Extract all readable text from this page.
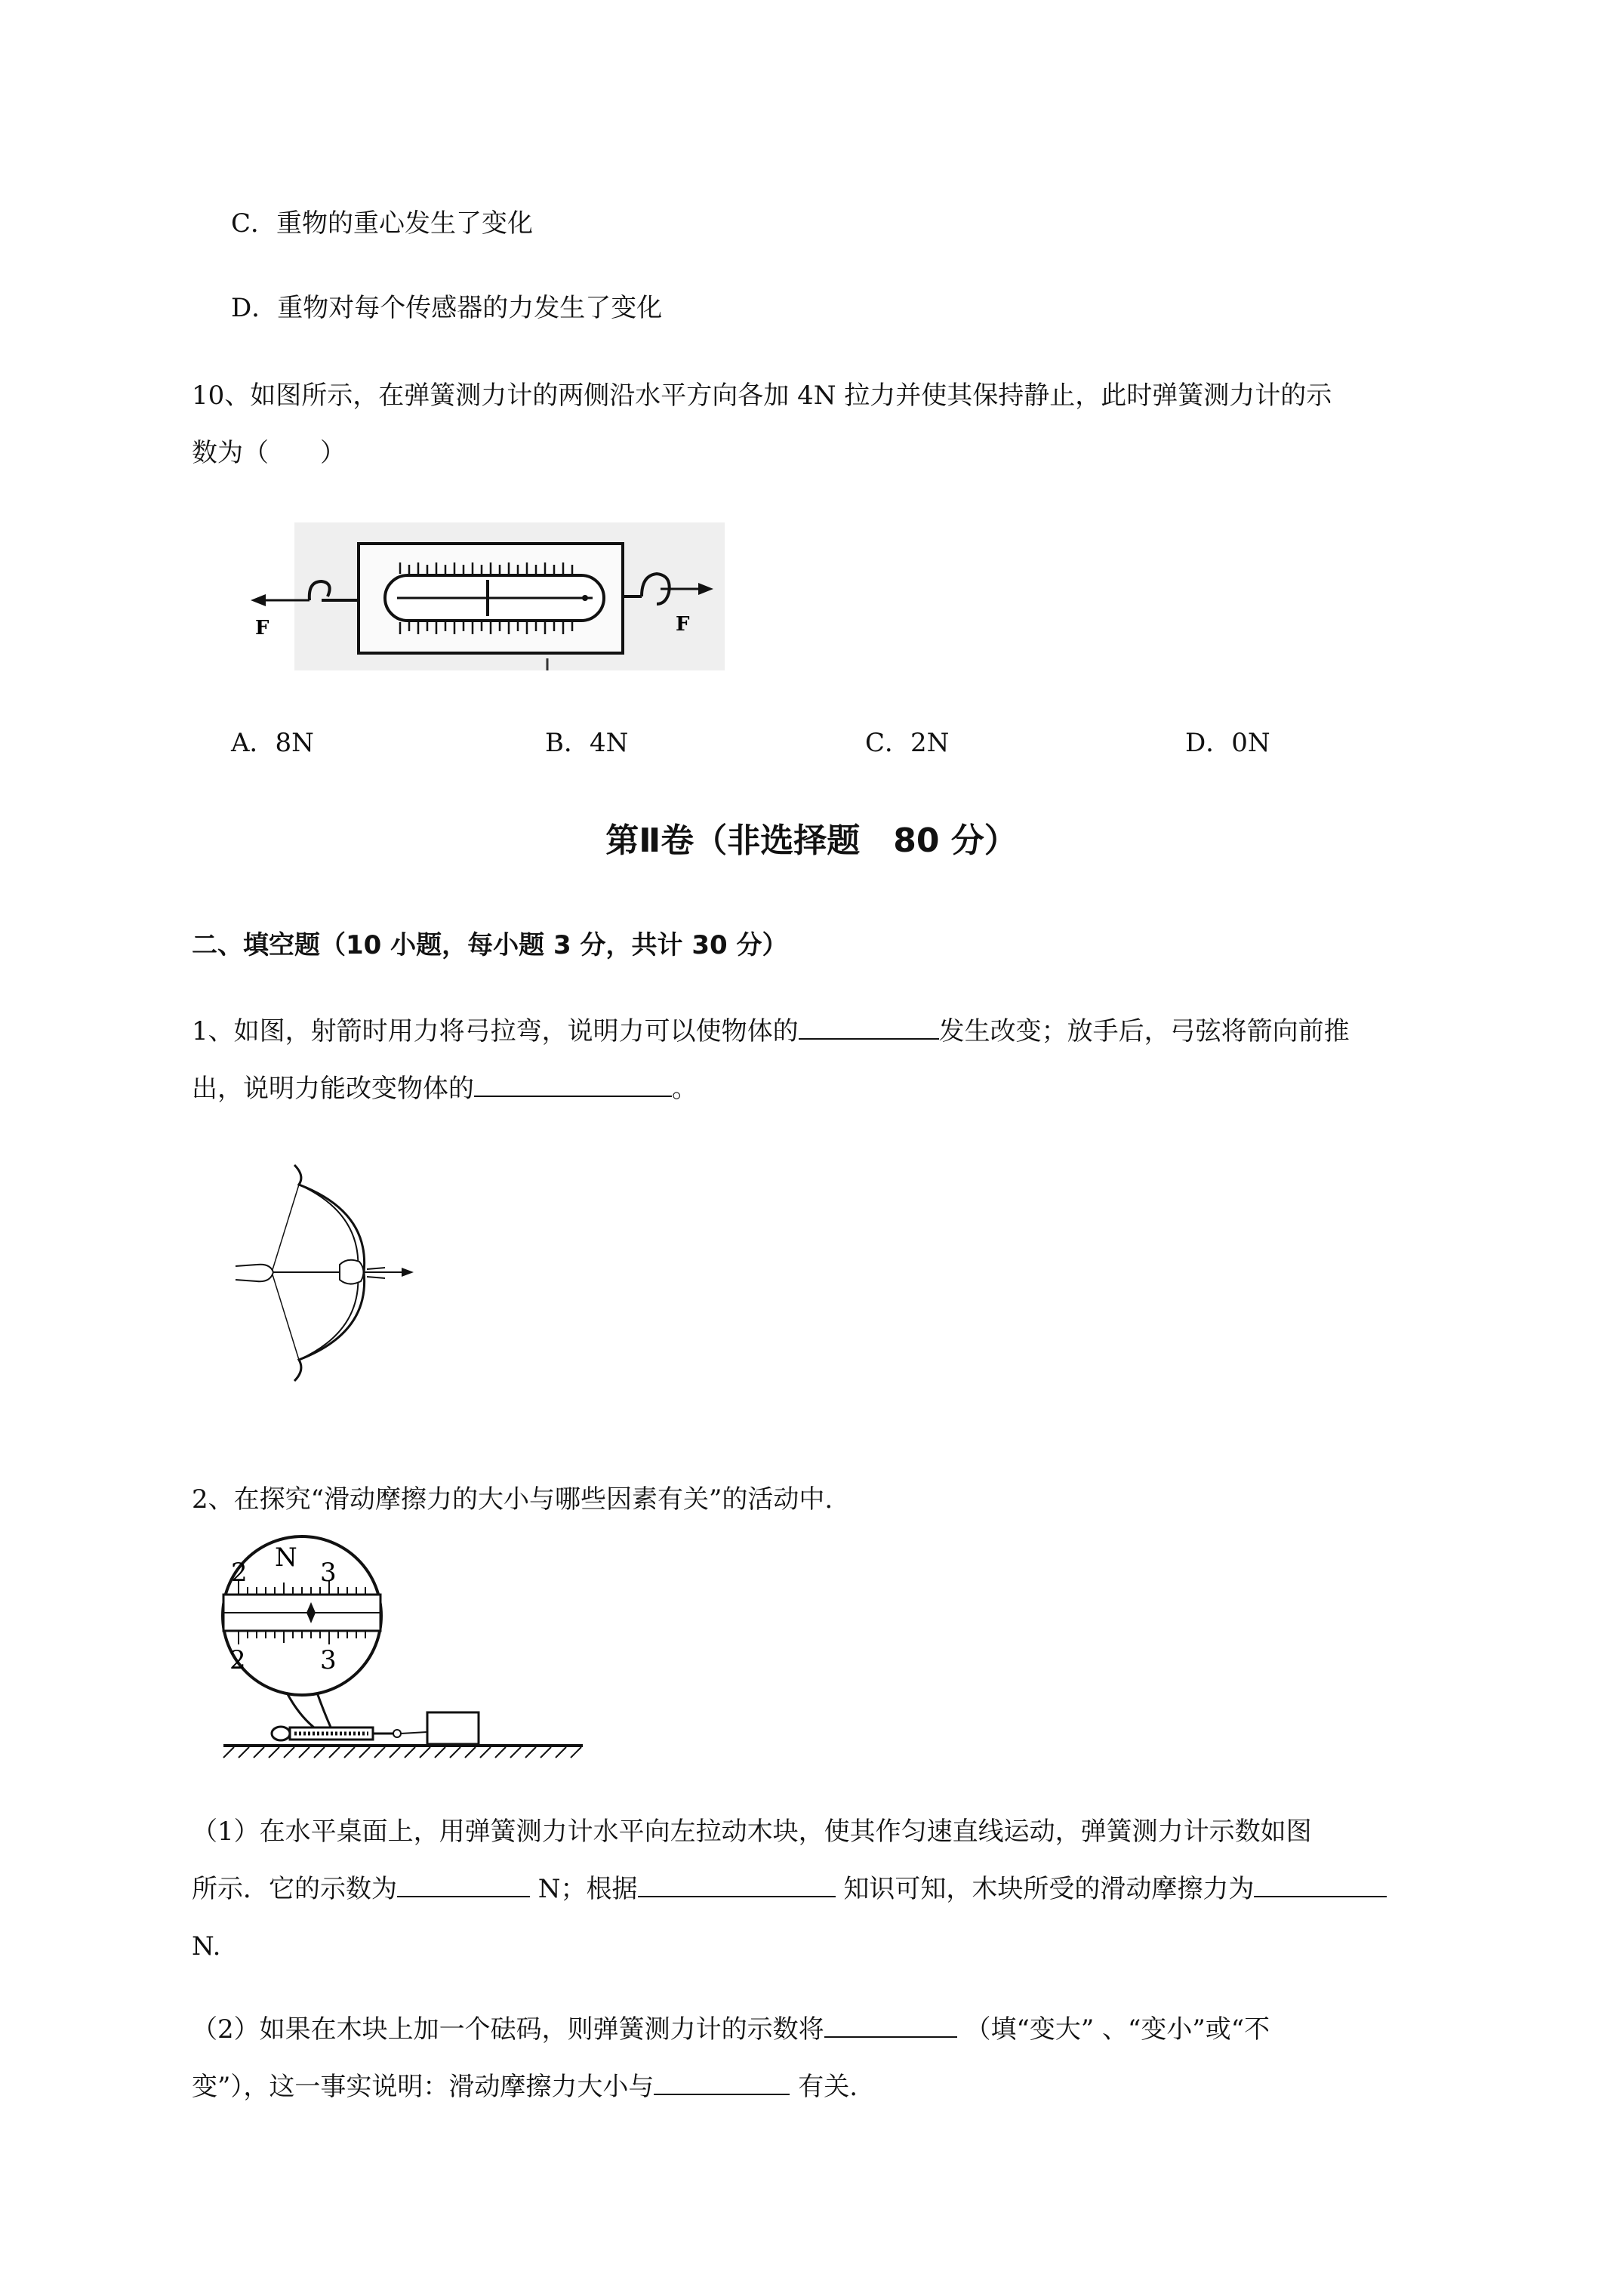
C．重物的重心发生了变化
D．重物对每个传感器的力发生了变化
10、如图所示，在弹簧测力计的两侧沿水平方向各加 4N 拉力并使其保持静止，此时弹簧测力计的示
数为（　　）
F	F
A．8N	B．4N	C．2N	D．0N
第Ⅱ卷（非选择题　80 分）
二、填空题（10 小题，每小题 3 分，共计 30 分）
1、如图，射箭时用力将弓拉弯，说明力可以使物体的	发生改变；放手后，弓弦将箭向前推
出，说明力能改变物体的	。
2、在探究“滑动摩擦力的大小与哪些因素有关”的活动中.
2 N 3
2	3
（1）在水平桌面上，用弹簧测力计水平向左拉动木块，使其作匀速直线运动，弹簧测力计示数如图
所示．它的示数为	N；根据	知识可知，木块所受的滑动摩擦力为
N.
（2）如果在木块上加一个砝码，则弹簧测力计的示数将	（填“变大” 、“变小”或“不
变”），这一事实说明：滑动摩擦力大小与	有关.
